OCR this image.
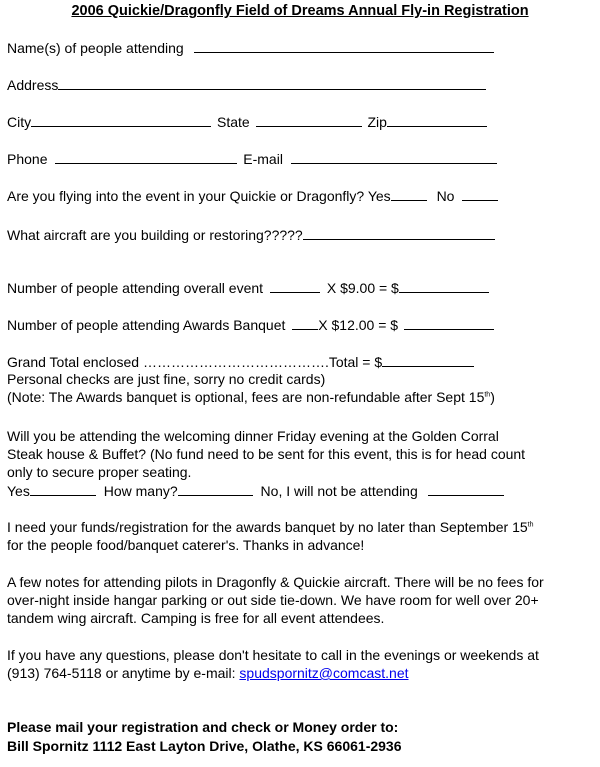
2006 Quickie/Dragonfly Field of Dreams Annual Fly-in Registration
Name(s) of people attending
Address
City	State	Zip
Phone	E-mail
Are you flying into the event in your Quickie or Dragonfly? Yes	No
What aircraft are you building or restoring?????
Number of people attending overall event	X $9.00 = $
Number of people attending Awards Banquet X $12.00 = $
Grand Total enclosed ………………………………….Total = $
Personal checks are just fine, sorry no credit cards)
(Note: The Awards banquet is optional, fees are non-refundable after Sept 15th)
Will you be attending the welcoming dinner Friday evening at the Golden Corral
Steak house & Buffet? (No fund need to be sent for this event, this is for head count
only to secure proper seating.
Yes	How many?	No, I will not be attending
I need your funds/registration for the awards banquet by no later than September 15th
for the people food/banquet caterer's. Thanks in advance!
A few notes for attending pilots in Dragonfly & Quickie aircraft. There will be no fees for
over-night inside hangar parking or out side tie-down. We have room for well over 20+
tandem wing aircraft. Camping is free for all event attendees.
If you have any questions, please don't hesitate to call in the evenings or weekends at
(913) 764-5118 or anytime by e-mail: spudspornitz@comcast.net
Please mail your registration and check or Money order to:
Bill Spornitz 1112 East Layton Drive, Olathe, KS 66061-2936
